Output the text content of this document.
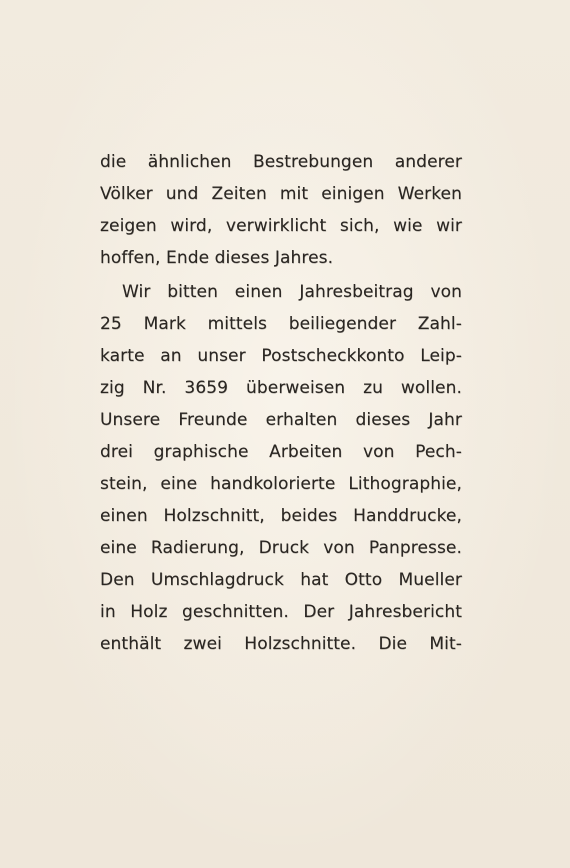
die ähnlichen Bestrebungen anderer
Völker und Zeiten mit einigen Werken
zeigen wird, verwirklicht sich, wie wir
hoffen, Ende dieses Jahres.
Wir bitten einen Jahresbeitrag von
25 Mark mittels beiliegender Zahl-
karte an unser Postscheckkonto Leip-
zig Nr. 3659 überweisen zu wollen.
Unsere Freunde erhalten dieses Jahr
drei graphische Arbeiten von Pech-
stein, eine handkolorierte Lithographie,
einen Holzschnitt, beides Handdrucke,
eine Radierung, Druck von Panpresse.
Den Umschlagdruck hat Otto Mueller
in Holz geschnitten. Der Jahresbericht
enthält zwei Holzschnitte. Die Mit-
